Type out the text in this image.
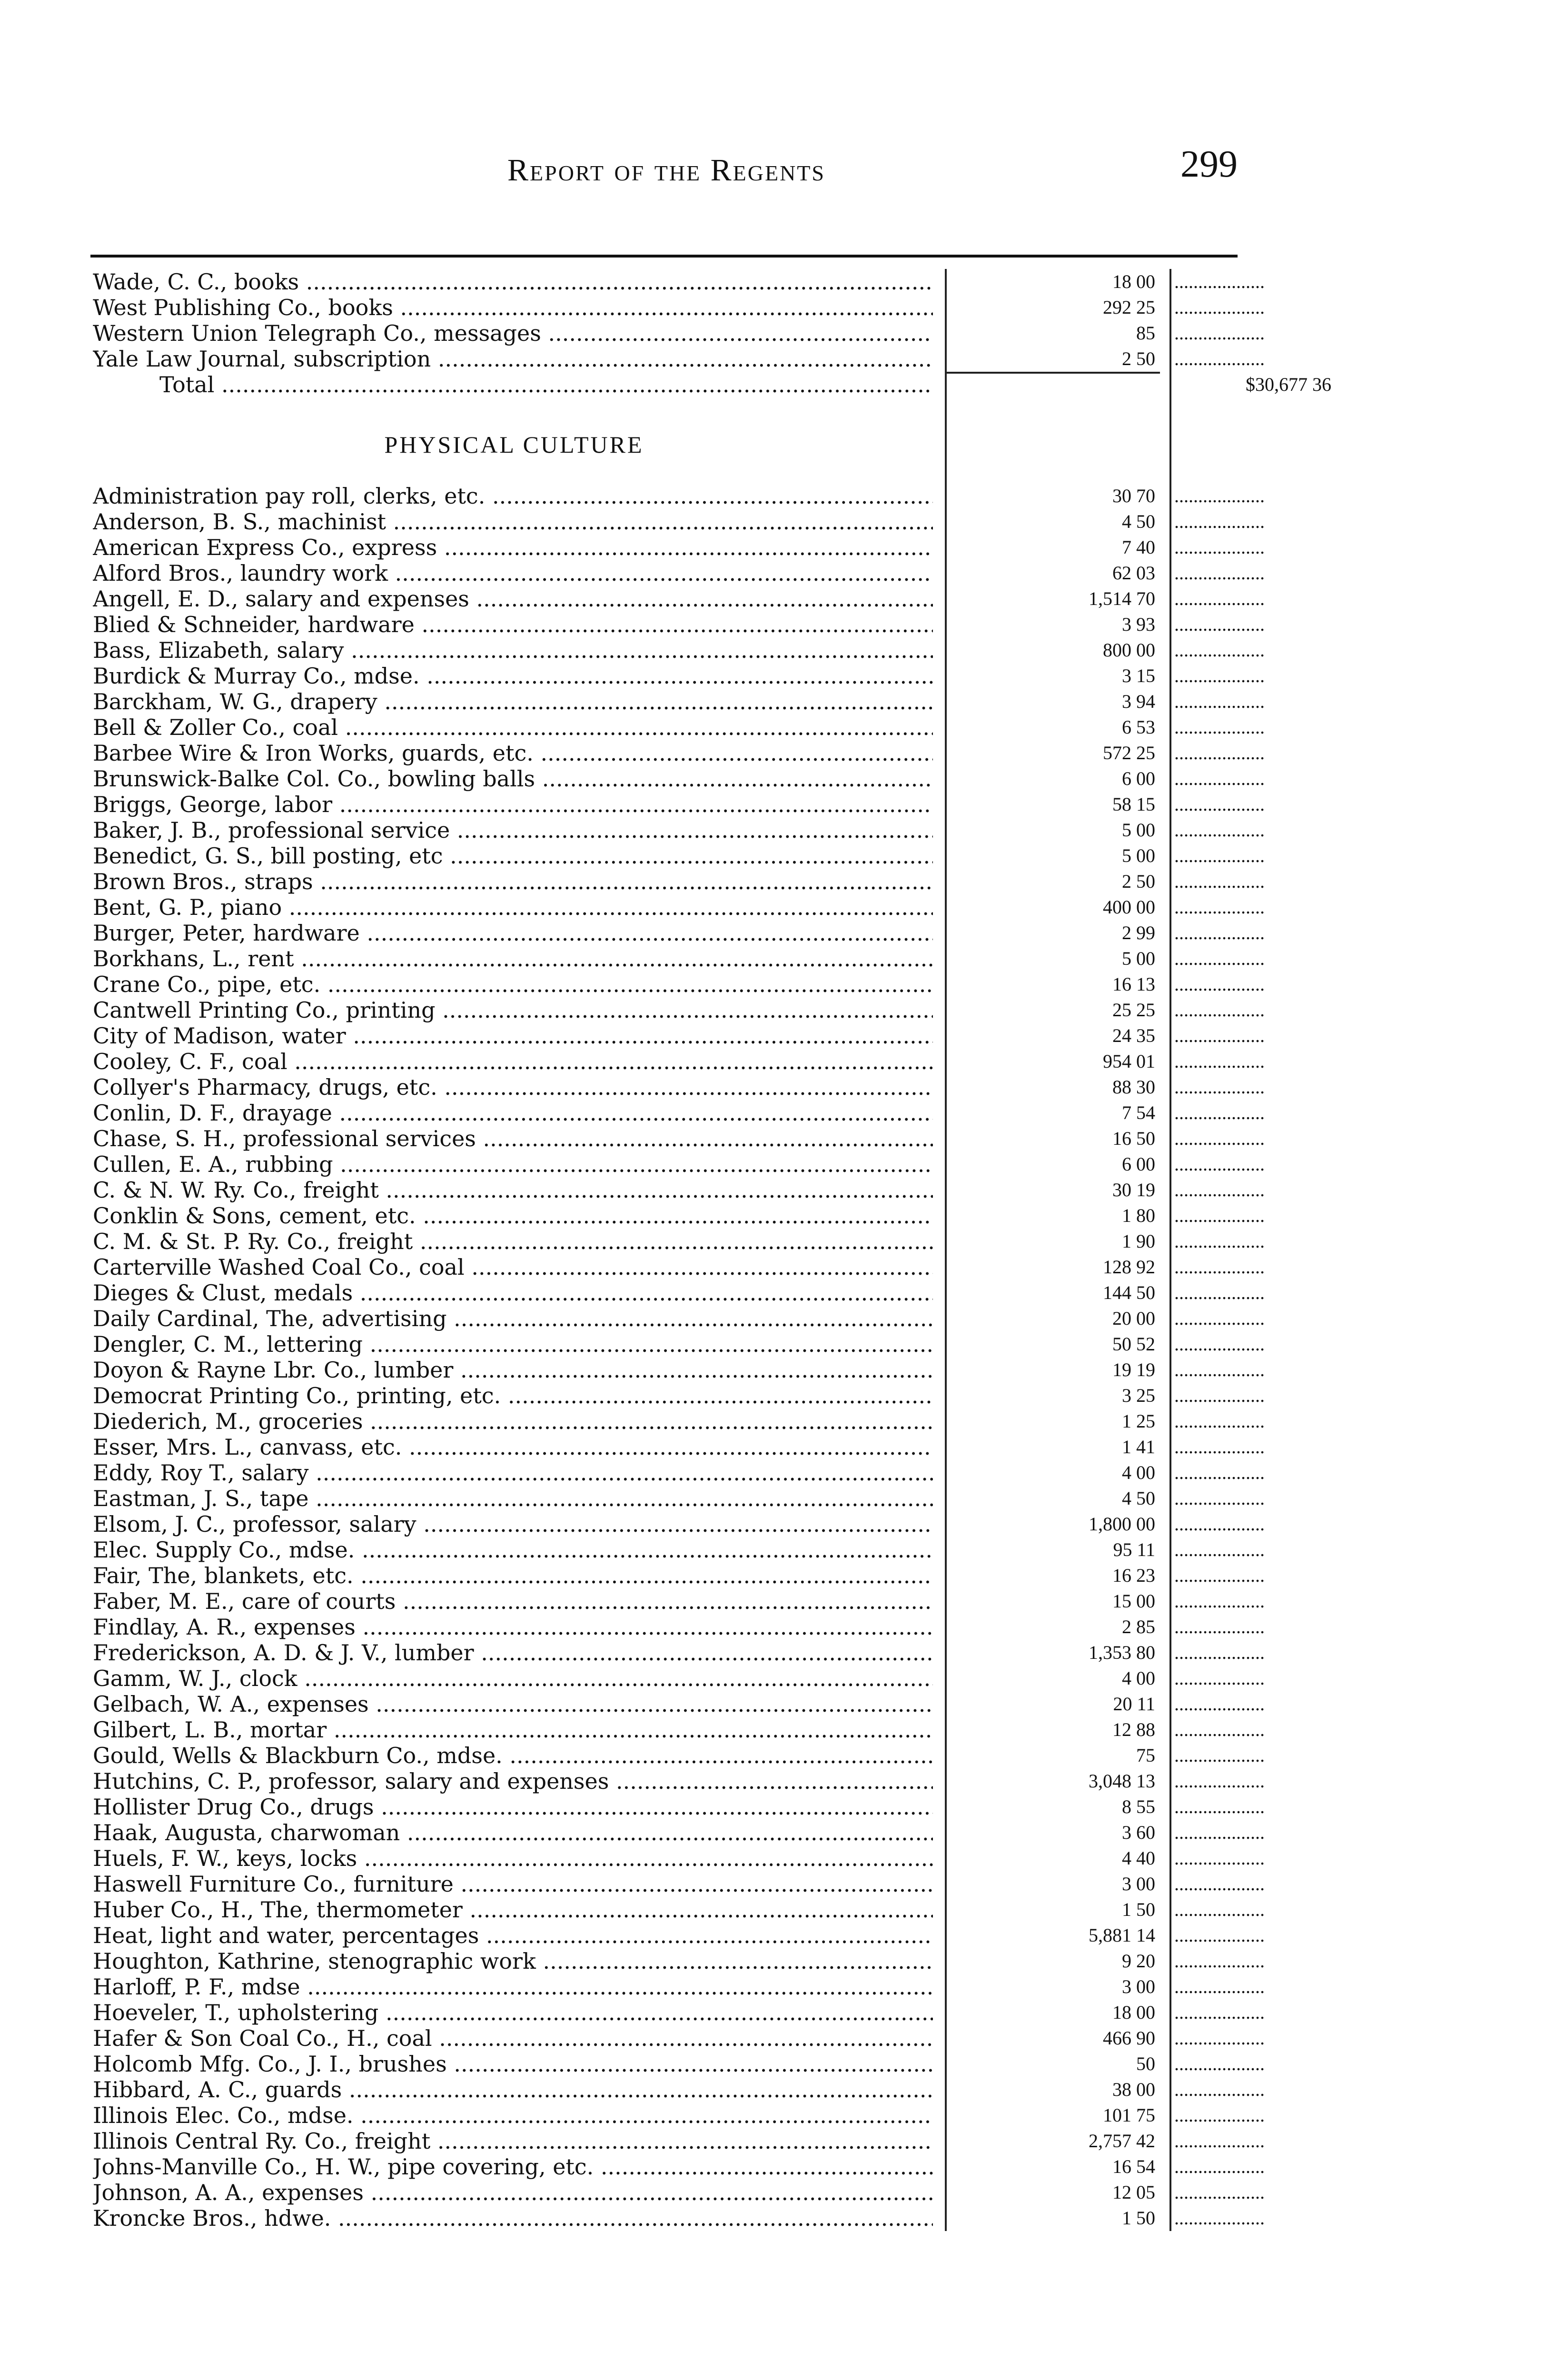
Report of the Regents	299
Wade, C. C., books .....	18 00
.....
West Publishing Co., books .....	292 25
.....
Western Union Telegraph Co., messages .....	85
.....
Yale Law Journal, subscription .....	2 50
.....
Total .....	$30,677 36
PHYSICAL CULTURE
Administration pay roll, clerks, etc. .....	30 70
.....
Anderson, B. S., machinist .....	4 50
.....
American Express Co., express .....	7 40
.....
Alford Bros., laundry work .....	62 03
.....
Angell, E. D., salary and expenses .....	1,514 70
.....
Blied & Schneider, hardware .....	3 93
.....
Bass, Elizabeth, salary .....	800 00
.....
Burdick & Murray Co., mdse. .....	3 15
.....
Barckham, W. G., drapery .....	3 94
.....
Bell & Zoller Co., coal .....	6 53
.....
Barbee Wire & Iron Works, guards, etc. .....	572 25
.....
Brunswick-Balke Col. Co., bowling balls .....	6 00
.....
Briggs, George, labor .....	58 15
.....
Baker, J. B., professional service .....	5 00
.....
Benedict, G. S., bill posting, etc .....	5 00
.....
Brown Bros., straps .....	2 50
.....
Bent, G. P., piano .....	400 00
.....
Burger, Peter, hardware .....	2 99
.....
Borkhans, L., rent .....	5 00
.....
Crane Co., pipe, etc. .....	16 13
.....
Cantwell Printing Co., printing .....	25 25
.....
City of Madison, water .....	24 35
.....
Cooley, C. F., coal .....	954 01
.....
Collyer's Pharmacy, drugs, etc. .....	88 30
.....
Conlin, D. F., drayage .....	7 54
.....
Chase, S. H., professional services .....	16 50
.....
Cullen, E. A., rubbing .....	6 00
.....
C. & N. W. Ry. Co., freight .....	30 19
.....
Conklin & Sons, cement, etc. .....	1 80
.....
C. M. & St. P. Ry. Co., freight .....	1 90
.....
Carterville Washed Coal Co., coal .....	128 92
.....
Dieges & Clust, medals .....	144 50
.....
Daily Cardinal, The, advertising .....	20 00
.....
Dengler, C. M., lettering .....	50 52
.....
Doyon & Rayne Lbr. Co., lumber .....	19 19
.....
Democrat Printing Co., printing, etc. .....	3 25
.....
Diederich, M., groceries .....	1 25
.....
Esser, Mrs. L., canvass, etc. .....	1 41
.....
Eddy, Roy T., salary .....	4 00
.....
Eastman, J. S., tape .....	4 50
.....
Elsom, J. C., professor, salary .....	1,800 00
.....
Elec. Supply Co., mdse. .....	95 11
.....
Fair, The, blankets, etc. .....	16 23
.....
Faber, M. E., care of courts .....	15 00
.....
Findlay, A. R., expenses .....	2 85
.....
Frederickson, A. D. & J. V., lumber .....	1,353 80
.....
Gamm, W. J., clock .....	4 00
.....
Gelbach, W. A., expenses .....	20 11
.....
Gilbert, L. B., mortar .....	12 88
.....
Gould, Wells & Blackburn Co., mdse. .....	75
.....
Hutchins, C. P., professor, salary and expenses .....	3,048 13
.....
Hollister Drug Co., drugs .....	8 55
.....
Haak, Augusta, charwoman .....	3 60
.....
Huels, F. W., keys, locks .....	4 40
.....
Haswell Furniture Co., furniture .....	3 00
.....
Huber Co., H., The, thermometer .....	1 50
.....
Heat, light and water, percentages .....	5,881 14
.....
Houghton, Kathrine, stenographic work .....	9 20
.....
Harloff, P. F., mdse .....	3 00
.....
Hoeveler, T., upholstering .....	18 00
.....
Hafer & Son Coal Co., H., coal .....	466 90
.....
Holcomb Mfg. Co., J. I., brushes .....	50
.....
Hibbard, A. C., guards .....	38 00
.....
Illinois Elec. Co., mdse. .....	101 75
.....
Illinois Central Ry. Co., freight .....	2,757 42
.....
Johns-Manville Co., H. W., pipe covering, etc. .....	16 54
.....
Johnson, A. A., expenses .....	12 05
.....
Kroncke Bros., hdwe. .....	1 50
.....
